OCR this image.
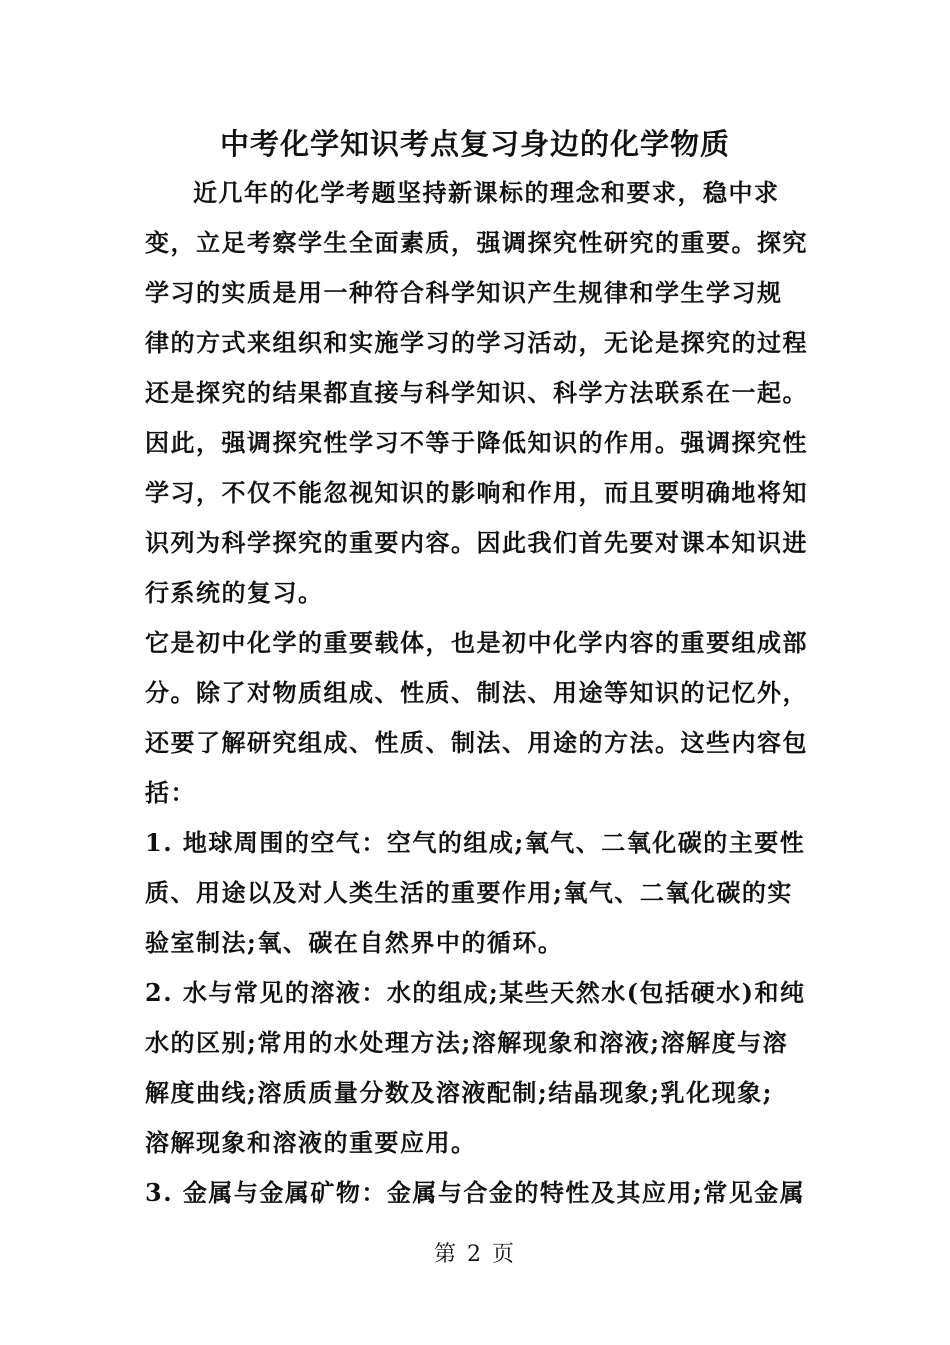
中考化学知识考点复习身边的化学物质
近几年的化学考题坚持新课标的理念和要求，稳中求
变，立足考察学生全面素质，强调探究性研究的重要。探究
学习的实质是用一种符合科学知识产生规律和学生学习规
律的方式来组织和实施学习的学习活动，无论是探究的过程
还是探究的结果都直接与科学知识、科学方法联系在一起。
因此，强调探究性学习不等于降低知识的作用。强调探究性
学习，不仅不能忽视知识的影响和作用，而且要明确地将知
识列为科学探究的重要内容。因此我们首先要对课本知识进
行系统的复习。
它是初中化学的重要载体，也是初中化学内容的重要组成部
分。除了对物质组成、性质、制法、用途等知识的记忆外，
还要了解研究组成、性质、制法、用途的方法。这些内容包
括：
1. 地球周围的空气：空气的组成;氧气、二氧化碳的主要性
质、用途以及对人类生活的重要作用;氧气、二氧化碳的实
验室制法;氧、碳在自然界中的循环。
2. 水与常见的溶液：水的组成;某些天然水(包括硬水)和纯
水的区别;常用的水处理方法;溶解现象和溶液;溶解度与溶
解度曲线;溶质质量分数及溶液配制;结晶现象;乳化现象;
溶解现象和溶液的重要应用。
3. 金属与金属矿物：金属与合金的特性及其应用;常见金属
第 2 页
